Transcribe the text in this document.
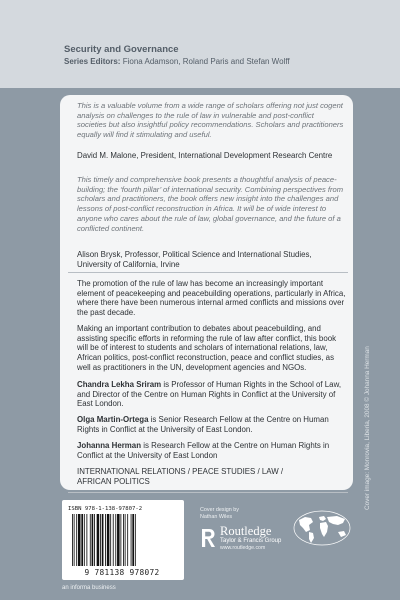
Security and Governance
Series Editors: Fiona Adamson, Roland Paris and Stefan Wolff
This is a valuable volume from a wide range of scholars offering not just cogent analysis on challenges to the rule of law in vulnerable and post-conflict societies but also insightful policy recommendations. Scholars and practitioners equally will find it stimulating and useful.
David M. Malone, President, International Development Research Centre
This timely and comprehensive book presents a thoughtful analysis of peace-building; the ‘fourth pillar’ of international security. Combining perspectives from scholars and practitioners, the book offers new insight into the challenges and lessons of post-conflict reconstruction in Africa. It will be of wide interest to anyone who cares about the rule of law, global governance, and the future of a conflicted continent.
Alison Brysk, Professor, Political Science and International Studies, University of California, Irvine
The promotion of the rule of law has become an increasingly important element of peacekeeping and peacebuilding operations, particularly in Africa, where there have been numerous internal armed conflicts and missions over the past decade.
Making an important contribution to debates about peacebuilding, and assisting specific efforts in reforming the rule of law after conflict, this book will be of interest to students and scholars of international relations, law, African politics, post-conflict reconstruction, peace and conflict studies, as well as practitioners in the UN, development agencies and NGOs.
Chandra Lekha Sriram is Professor of Human Rights in the School of Law, and Director of the Centre on Human Rights in Conflict at the University of East London.
Olga Martin-Ortega is Senior Research Fellow at the Centre on Human Rights in Conflict at the University of East London.
Johanna Herman is Research Fellow at the Centre on Human Rights in Conflict at the University of East London
INTERNATIONAL RELATIONS / PEACE STUDIES / LAW / AFRICAN POLITICS	Cover image: Monrovia, Liberia, 2008 © Johanna Herman
ISBN 978-1-138-97807-2
9 781138 978072
an informa business
Cover design by
Nathan Wiles
Routledge
Taylor & Francis Group
www.routledge.com
